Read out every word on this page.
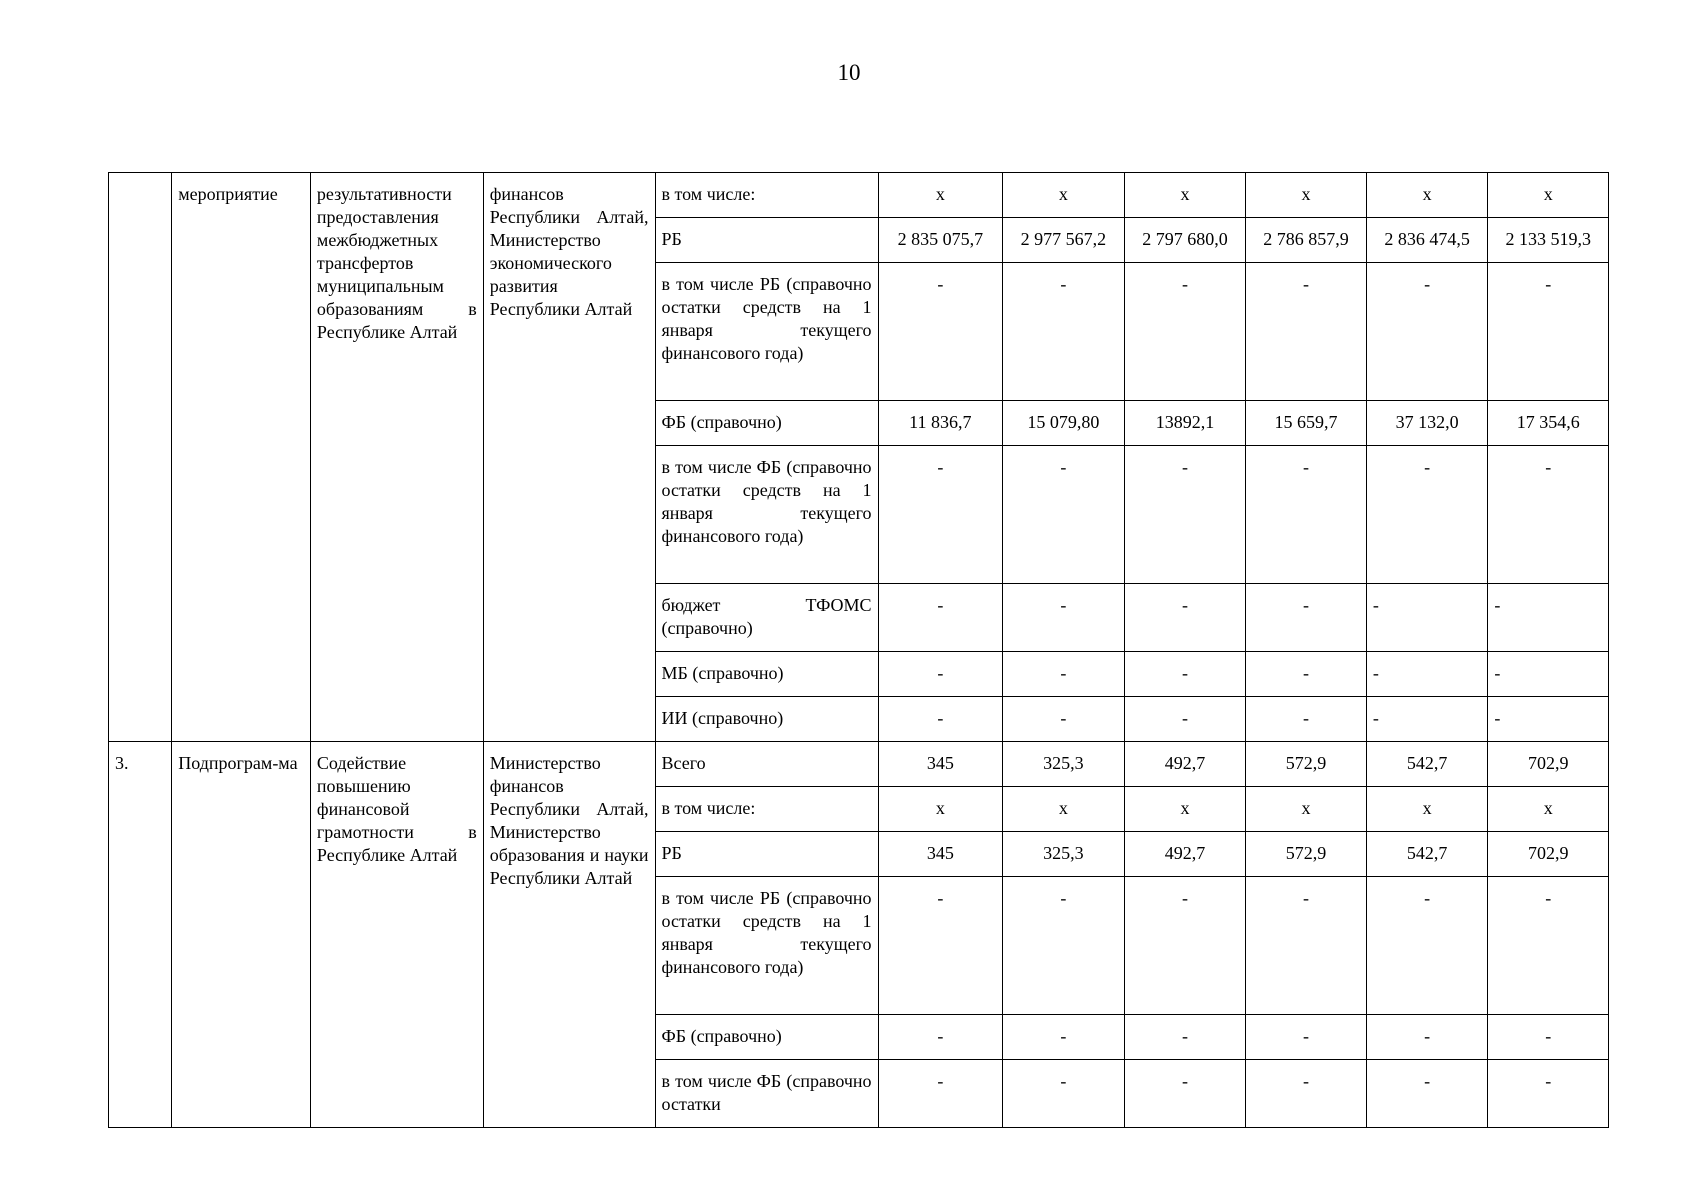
10
	мероприятие	результативности предоставления межбюджетных трансфертов муниципальным образованиям в Республике Алтай	финансов Республики Алтай, Министерство экономического развития Республики Алтай	в том числе:	х	х	х	х	х	х
				РБ	2 835 075,7	2 977 567,2	2 797 680,0	2 786 857,9	2 836 474,5	2 133 519,3
				в том числе РБ (справочно остатки средств на 1 января текущего финансового года)	-	-	-	-	-	-
				ФБ (справочно)	11 836,7	15 079,80	13892,1	15 659,7	37 132,0	17 354,6
				в том числе ФБ (справочно остатки средств на 1 января текущего финансового года)	-	-	-	-	-	-
				бюджет ТФОМС (справочно)	-	-	-	-	-	-
				МБ (справочно)	-	-	-	-	-	-
				ИИ (справочно)	-	-	-	-	-	-
3.	Подпрограм-ма	Содействие повышению финансовой грамотности в Республике Алтай	Министерство финансов Республики Алтай, Министерство образования и науки Республики Алтай	Всего	345	325,3	492,7	572,9	542,7	702,9
				в том числе:	х	х	х	х	х	х
				РБ	345	325,3	492,7	572,9	542,7	702,9
				в том числе РБ (справочно остатки средств на 1 января текущего финансового года)	-	-	-	-	-	-
				ФБ (справочно)	-	-	-	-	-	-
				в том числе ФБ (справочно остатки	-	-	-	-	-	-
